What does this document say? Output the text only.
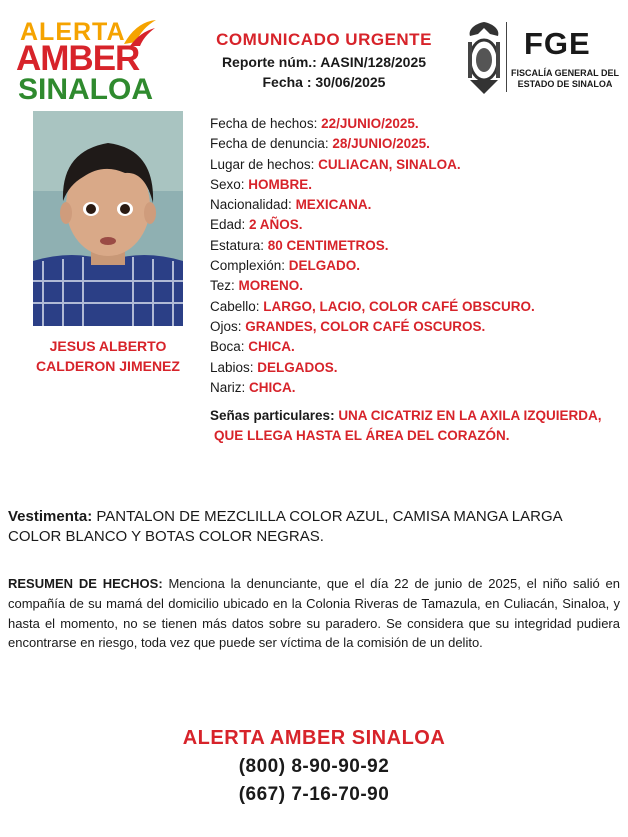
ALERTA
AMBER
SINALOA
COMUNICADO URGENTE
Reporte núm.: AASIN/128/2025
Fecha : 30/06/2025
FGE
FISCALÍA GENERAL DEL
ESTADO DE SINALOA
JESUS ALBERTO
CALDERON JIMENEZ
Fecha de hechos: 22/JUNIO/2025.
Fecha de denuncia: 28/JUNIO/2025.
Lugar de hechos: CULIACAN, SINALOA.
Sexo: HOMBRE.
Nacionalidad: MEXICANA.
Edad: 2 AÑOS.
Estatura: 80 CENTIMETROS.
Complexión: DELGADO.
Tez: MORENO.
Cabello: LARGO, LACIO, COLOR CAFÉ OBSCURO.
Ojos: GRANDES, COLOR CAFÉ OSCUROS.
Boca: CHICA.
Labios: DELGADOS.
Nariz: CHICA.
Señas particulares: UNA CICATRIZ EN LA AXILA IZQUIERDA,
QUE LLEGA HASTA EL ÁREA DEL CORAZÓN.
Vestimenta: PANTALON DE MEZCLILLA COLOR AZUL, CAMISA MANGA LARGA COLOR BLANCO Y BOTAS COLOR NEGRAS.
RESUMEN DE HECHOS: Menciona la denunciante, que el día 22 de junio de 2025, el niño salió en compañía de su mamá del domicilio ubicado en la Colonia Riveras de Tamazula, en Culiacán, Sinaloa, y hasta el momento, no se tienen más datos sobre su paradero. Se considera que su integridad pudiera encontrarse en riesgo, toda vez que puede ser víctima de la comisión de un delito.
ALERTA AMBER SINALOA
(800) 8-90-90-92
(667) 7-16-70-90
